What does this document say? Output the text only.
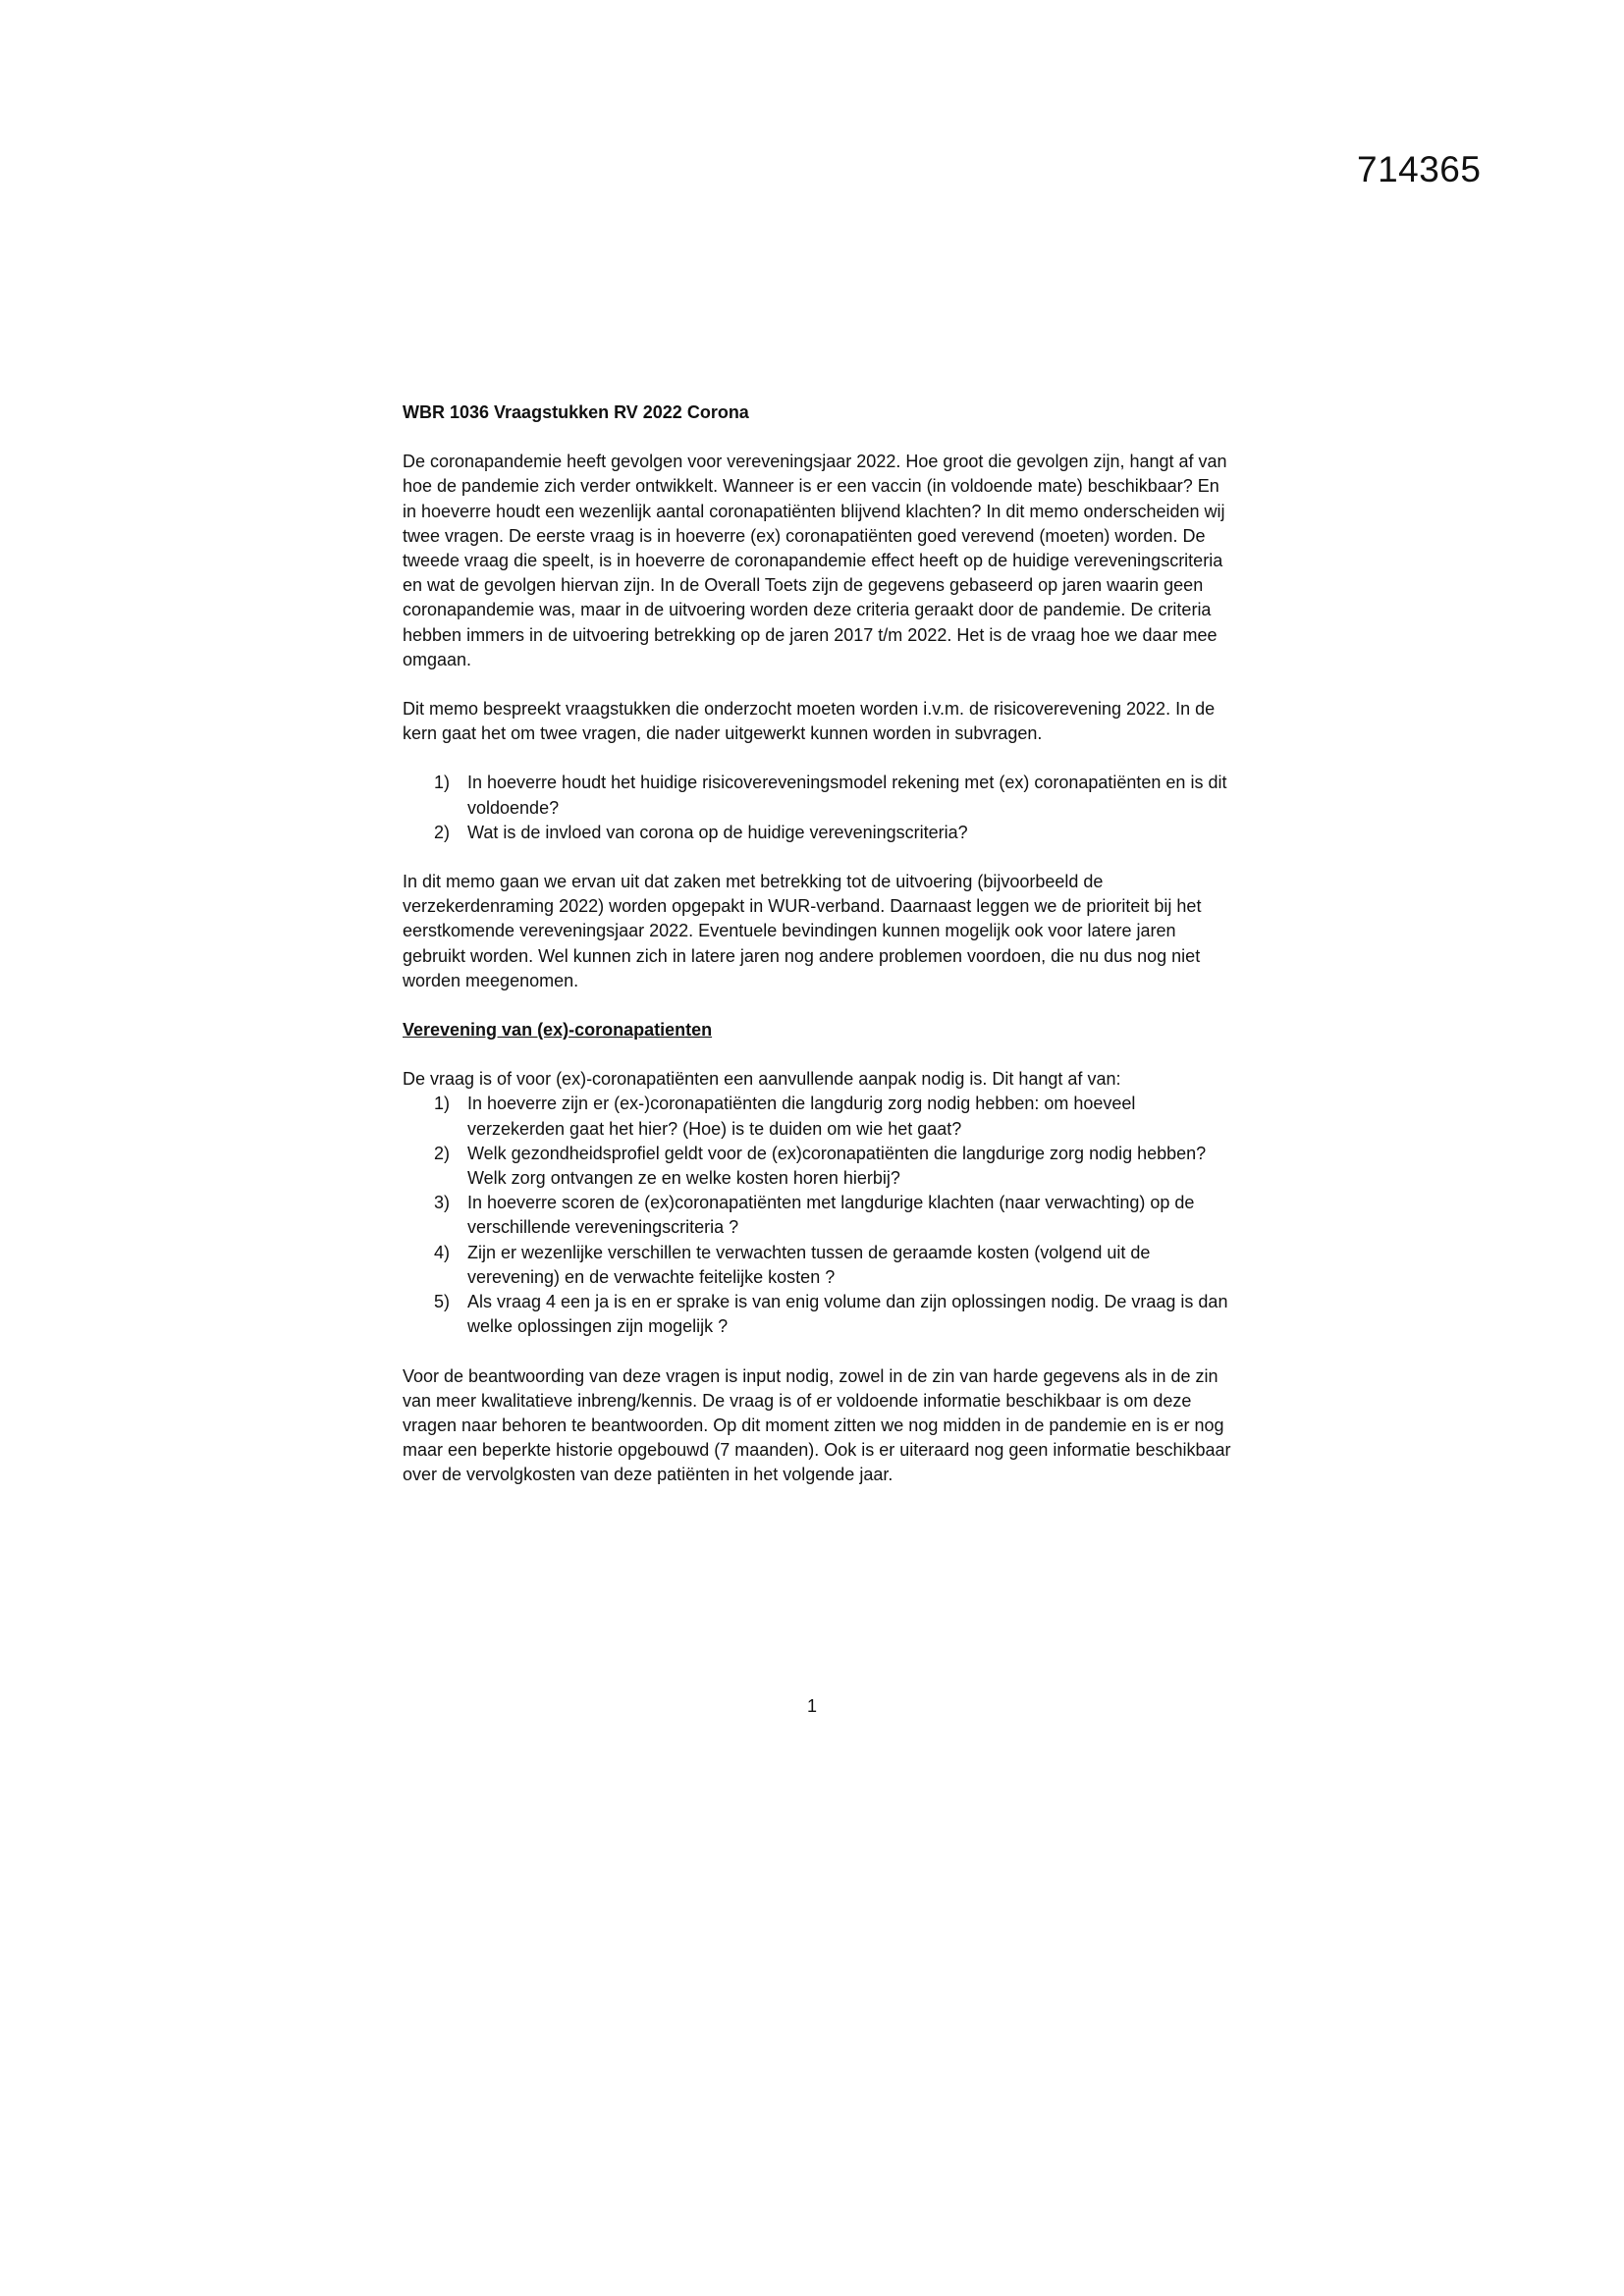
714365
WBR 1036 Vraagstukken RV 2022 Corona

De coronapandemie heeft gevolgen voor vereveningsjaar 2022. Hoe groot die gevolgen zijn, hangt af van hoe de pandemie zich verder ontwikkelt. Wanneer is er een vaccin (in voldoende mate) beschikbaar? En in hoeverre houdt een wezenlijk aantal coronapatiënten blijvend klachten? In dit memo onderscheiden wij twee vragen. De eerste vraag is in hoeverre (ex) coronapatiënten goed verevend (moeten) worden. De tweede vraag die speelt, is in hoeverre de coronapandemie effect heeft op de huidige vereveningscriteria en wat de gevolgen hiervan zijn. In de Overall Toets zijn de gegevens gebaseerd op jaren waarin geen coronapandemie was, maar in de uitvoering worden deze criteria geraakt door de pandemie. De criteria hebben immers in de uitvoering betrekking op de jaren 2017 t/m 2022. Het is de vraag hoe we daar mee omgaan.

Dit memo bespreekt vraagstukken die onderzocht moeten worden i.v.m. de risicoverevening 2022. In de kern gaat het om twee vragen, die nader uitgewerkt kunnen worden in subvragen.

1) In hoeverre houdt het huidige risicovereveningsmodel rekening met (ex) coronapatiënten en is dit voldoende?
2) Wat is de invloed van corona op de huidige vereveningscriteria?

In dit memo gaan we ervan uit dat zaken met betrekking tot de uitvoering (bijvoorbeeld de verzekerdenraming 2022) worden opgepakt in WUR-verband. Daarnaast leggen we de prioriteit bij het eerstkomende vereveningsjaar 2022. Eventuele bevindingen kunnen mogelijk ook voor latere jaren gebruikt worden. Wel kunnen zich in latere jaren nog andere problemen voordoen, die nu dus nog niet worden meegenomen.

Verevening van (ex)-coronapatienten

De vraag is of voor (ex)-coronapatiënten een aanvullende aanpak nodig is. Dit hangt af van:

1) In hoeverre zijn er (ex-)coronapatiënten die langdurig zorg nodig hebben: om hoeveel verzekerden gaat het hier? (Hoe) is te duiden om wie het gaat?
2) Welk gezondheidsprofiel geldt voor de (ex)coronapatiënten die langdurige zorg nodig hebben? Welk zorg ontvangen ze en welke kosten horen hierbij?
3) In hoeverre scoren de (ex)coronapatiënten met langdurige klachten (naar verwachting) op de verschillende vereveningscriteria ?
4) Zijn er wezenlijke verschillen te verwachten tussen de geraamde kosten (volgend uit de verevening) en de verwachte feitelijke kosten ?
5) Als vraag 4 een ja is en er sprake is van enig volume dan zijn oplossingen nodig. De vraag is dan welke oplossingen zijn mogelijk ?

Voor de beantwoording van deze vragen is input nodig, zowel in de zin van harde gegevens als in de zin van meer kwalitatieve inbreng/kennis. De vraag is of er voldoende informatie beschikbaar is om deze vragen naar behoren te beantwoorden. Op dit moment zitten we nog midden in de pandemie en is er nog maar een beperkte historie opgebouwd (7 maanden). Ook is er uiteraard nog geen informatie beschikbaar over de vervolgkosten van deze patiënten in het volgende jaar.

1
